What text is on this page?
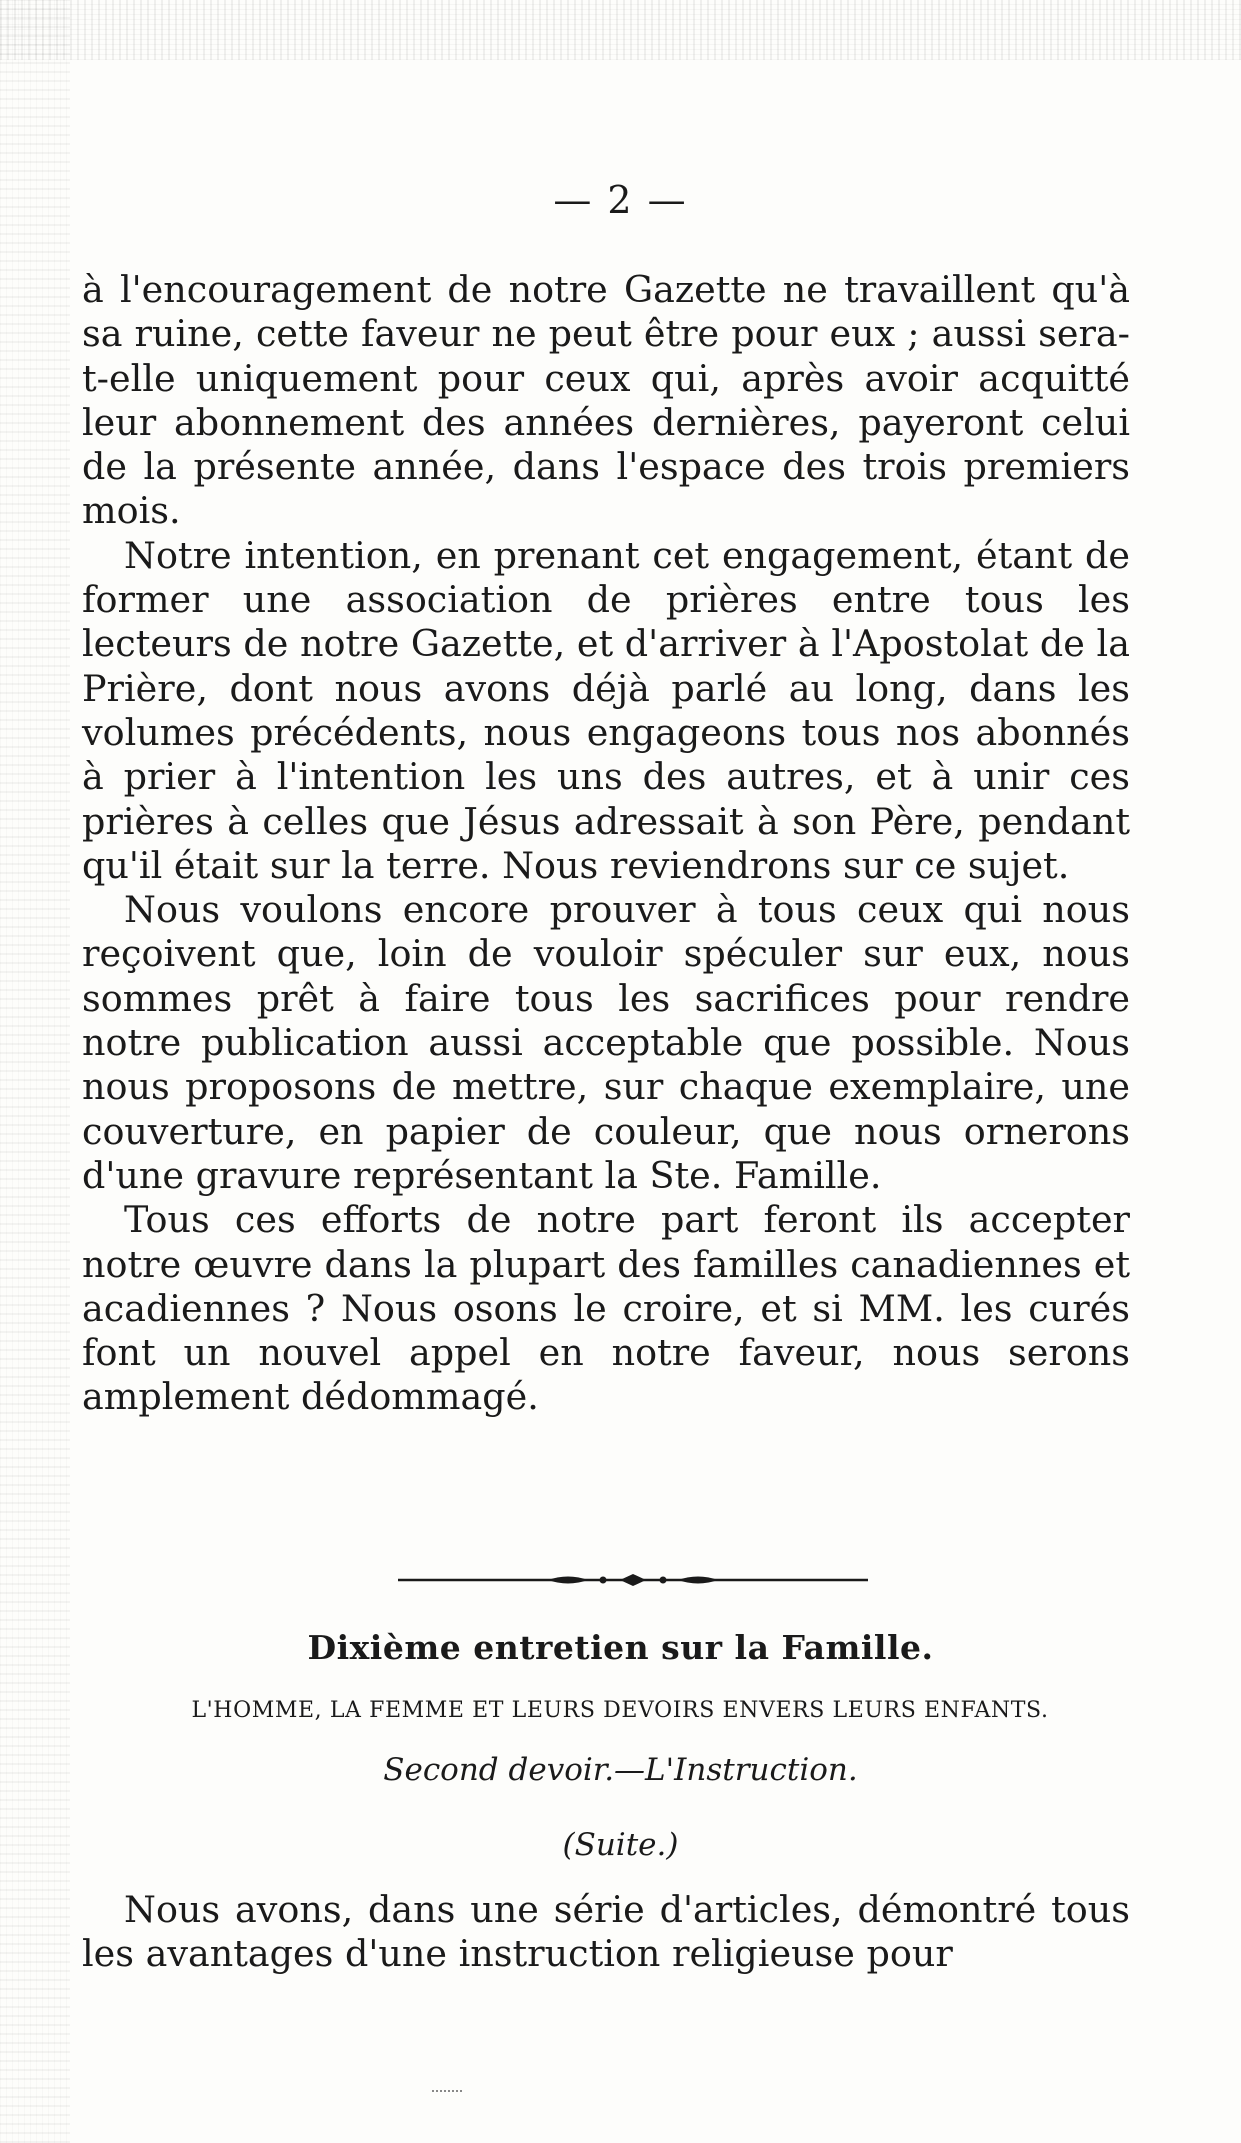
— 2 —

à l'encouragement de notre Gazette ne travaillent qu'à sa ruine, cette faveur ne peut être pour eux ; aussi sera-t-elle uniquement pour ceux qui, après avoir acquitté leur abonnement des années dernières, payeront celui de la présente année, dans l'espace des trois premiers mois.

Notre intention, en prenant cet engagement, étant de former une association de prières entre tous les lecteurs de notre Gazette, et d'arriver à l'Apostolat de la Prière, dont nous avons déjà parlé au long, dans les volumes précédents, nous engageons tous nos abonnés à prier à l'intention les uns des autres, et à unir ces prières à celles que Jésus adressait à son Père, pendant qu'il était sur la terre. Nous reviendrons sur ce sujet.

Nous voulons encore prouver à tous ceux qui nous reçoivent que, loin de vouloir spéculer sur eux, nous sommes prêt à faire tous les sacrifices pour rendre notre publication aussi acceptable que possible. Nous nous proposons de mettre, sur chaque exemplaire, une couverture, en papier de couleur, que nous ornerons d'une gravure représentant la Ste. Famille.

Tous ces efforts de notre part feront ils accepter notre œuvre dans la plupart des familles canadiennes et acadiennes ? Nous osons le croire, et si MM. les curés font un nouvel appel en notre faveur, nous serons amplement dédommagé.

Dixième entretien sur la Famille.
L'HOMME, LA FEMME ET LEURS DEVOIRS ENVERS LEURS ENFANTS.
Second devoir.—L'Instruction.
(Suite.)

Nous avons, dans une série d'articles, démontré tous les avantages d'une instruction religieuse pour
